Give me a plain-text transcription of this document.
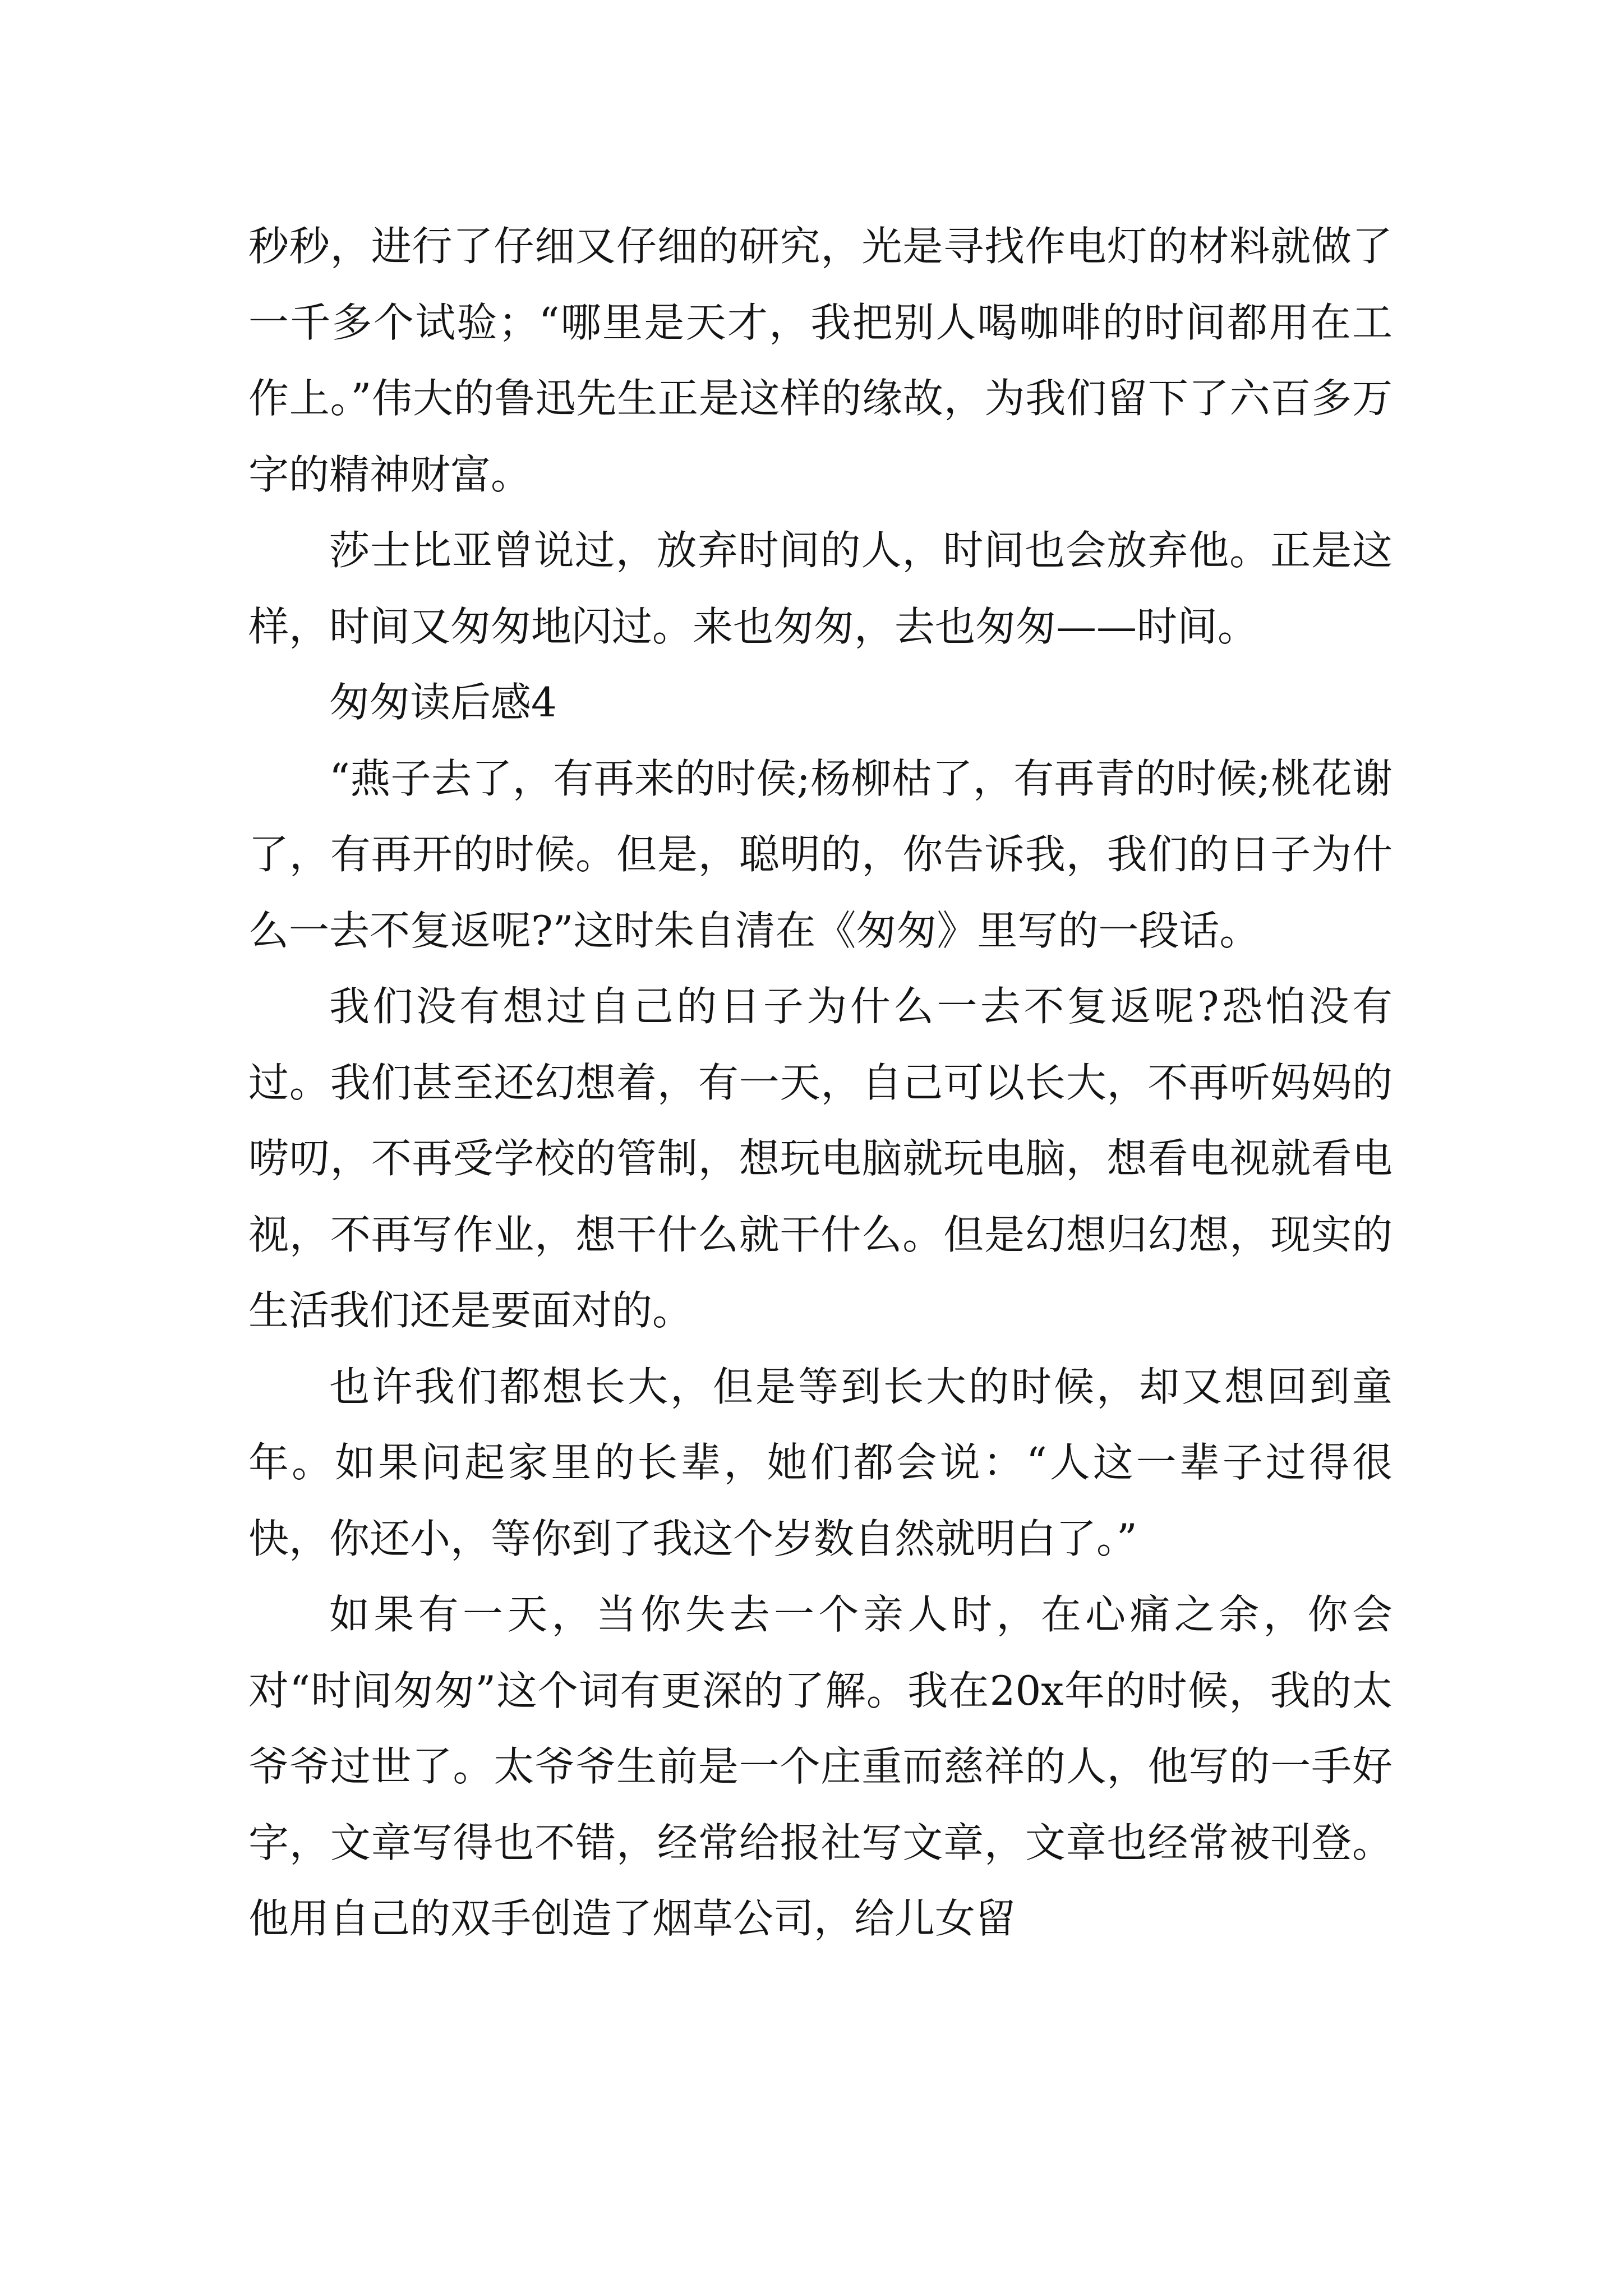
秒秒，进行了仔细又仔细的研究，光是寻找作电灯的材料就做了一千多个试验；“哪里是天才，我把别人喝咖啡的时间都用在工作上。”伟大的鲁迅先生正是这样的缘故，为我们留下了六百多万字的精神财富。

莎士比亚曾说过，放弃时间的人，时间也会放弃他。正是这样，时间又匆匆地闪过。来也匆匆，去也匆匆——时间。

匆匆读后感4

“燕子去了，有再来的时侯;杨柳枯了，有再青的时候;桃花谢了，有再开的时候。但是，聪明的，你告诉我，我们的日子为什么一去不复返呢?”这时朱自清在《匆匆》里写的一段话。

我们没有想过自己的日子为什么一去不复返呢?恐怕没有过。我们甚至还幻想着，有一天，自己可以长大，不再听妈妈的唠叨，不再受学校的管制，想玩电脑就玩电脑，想看电视就看电视，不再写作业，想干什么就干什么。但是幻想归幻想，现实的生活我们还是要面对的。

也许我们都想长大，但是等到长大的时候，却又想回到童年。如果问起家里的长辈，她们都会说：“人这一辈子过得很快，你还小，等你到了我这个岁数自然就明白了。”

如果有一天，当你失去一个亲人时，在心痛之余，你会对“时间匆匆”这个词有更深的了解。我在20x年的时候，我的太爷爷过世了。太爷爷生前是一个庄重而慈祥的人，他写的一手好字，文章写得也不错，经常给报社写文章，文章也经常被刊登。他用自己的双手创造了烟草公司，给儿女留
